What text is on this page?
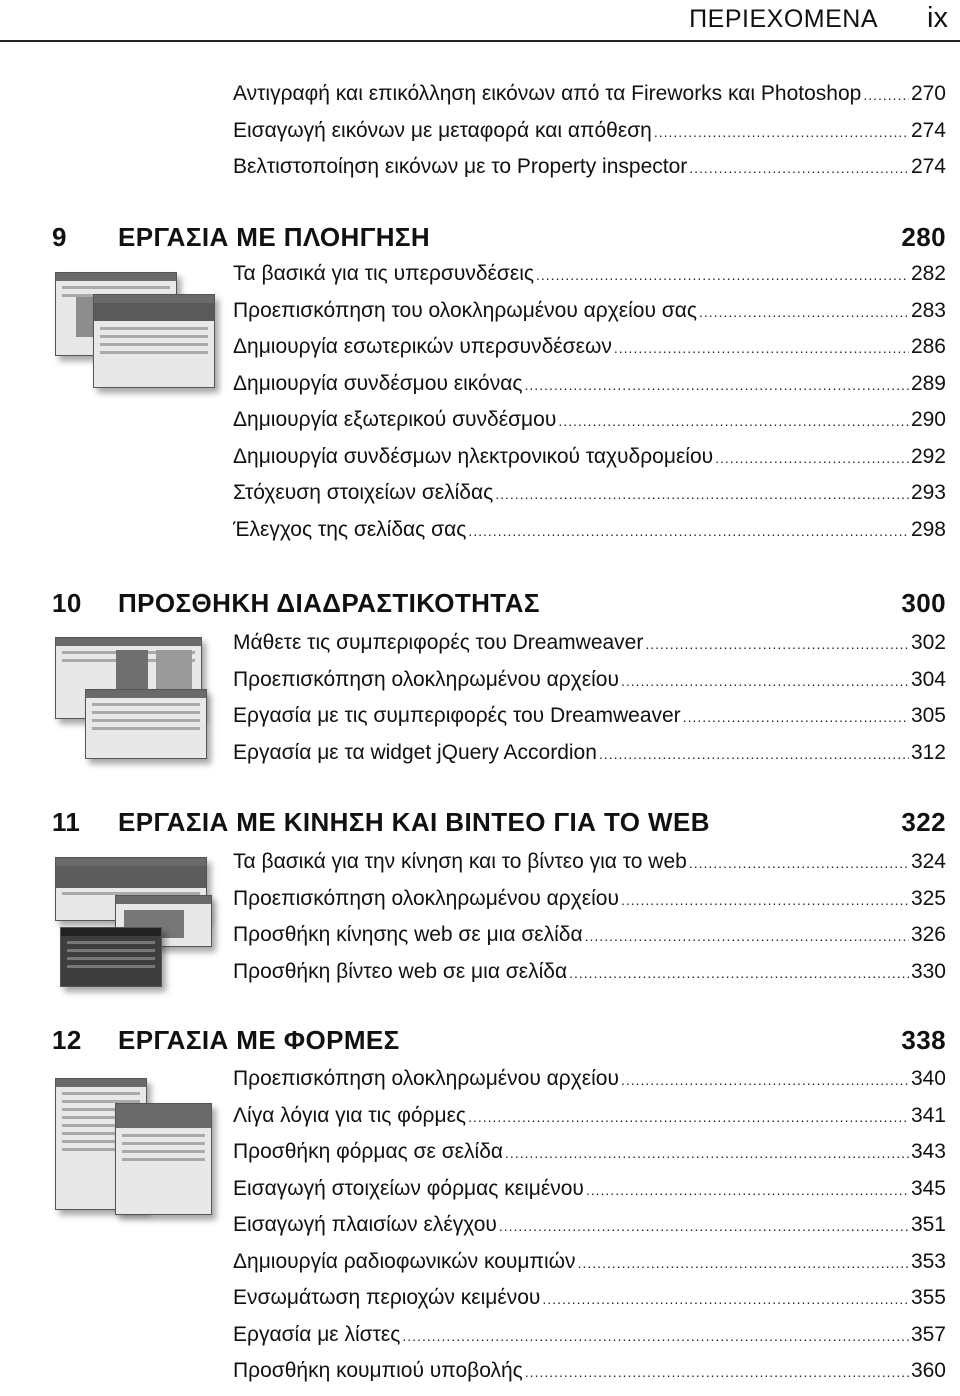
ΠΕΡΙΕΧΟΜΕΝΑ ix
Αντιγραφή και επικόλληση εικόνων από τα Fireworks και Photoshop ..... 270
Εισαγωγή εικόνων με μεταφορά και απόθεση .....	274
Βελτιστοποίηση εικόνων με το Property inspector .....	274
9	ΕΡΓΑΣΙΑ ΜΕ ΠΛΟΗΓΗΣΗ	280
Τα βασικά για τις υπερσυνδέσεις .....	282
Προεπισκόπηση του ολοκληρωμένου αρχείου σας .....	283
Δημιουργία εσωτερικών υπερσυνδέσεων .....	286
Δημιουργία συνδέσμου εικόνας .....	289
Δημιουργία εξωτερικού συνδέσμου .....	290
Δημιουργία συνδέσμων ηλεκτρονικού ταχυδρομείου .....	292
Στόχευση στοιχείων σελίδας .....	293
Έλεγχος της σελίδας σας .....	298
10	ΠΡΟΣΘΗΚΗ ΔΙΑΔΡΑΣΤΙΚΟΤΗΤΑΣ	300
Μάθετε τις συμπεριφορές του Dreamweaver .....	302
Προεπισκόπηση ολοκληρωμένου αρχείου .....	304
Εργασία με τις συμπεριφορές του Dreamweaver .....	305
Εργασία με τα widget jQuery Accordion .....	312
11	ΕΡΓΑΣΙΑ ΜΕ ΚΙΝΗΣΗ ΚΑΙ ΒΙΝΤΕΟ ΓΙΑ ΤΟ WEB	322
Τα βασικά για την κίνηση και το βίντεο για το web .....	324
Προεπισκόπηση ολοκληρωμένου αρχείου .....	325
Προσθήκη κίνησης web σε μια σελίδα .....	326
Προσθήκη βίντεο web σε μια σελίδα .....	330
12	ΕΡΓΑΣΙΑ ΜΕ ΦΟΡΜΕΣ	338
Προεπισκόπηση ολοκληρωμένου αρχείου .....	340
Λίγα λόγια για τις φόρμες .....	341
Προσθήκη φόρμας σε σελίδα .....	343
Εισαγωγή στοιχείων φόρμας κειμένου .....	345
Εισαγωγή πλαισίων ελέγχου .....	351
Δημιουργία ραδιοφωνικών κουμπιών .....	353
Ενσωμάτωση περιοχών κειμένου .....	355
Εργασία με λίστες .....	357
Προσθήκη κουμπιού υποβολής .....	360
